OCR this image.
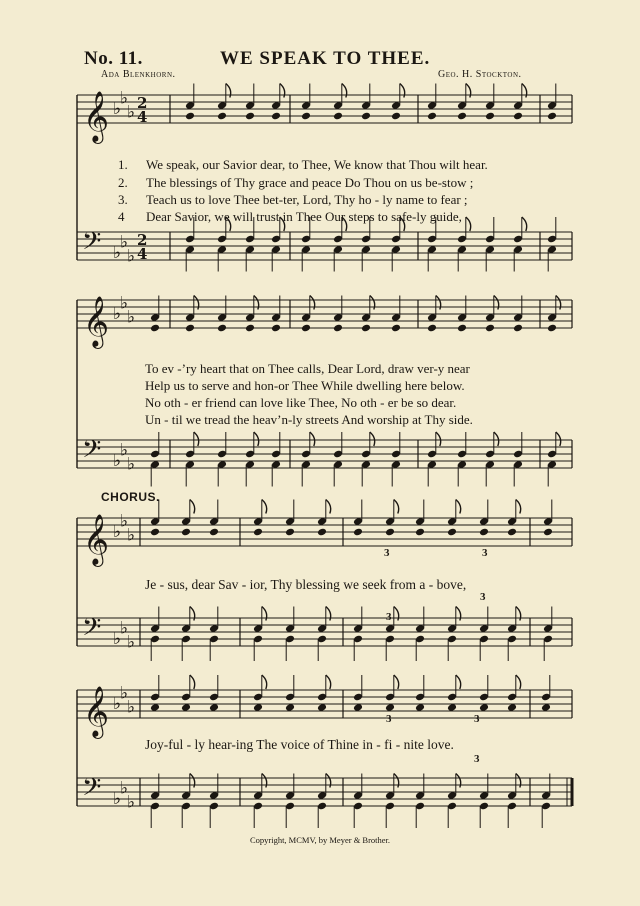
𝄞 ♭
♭
♭ 2
4
𝄢 ♭
♭
♭
2
4
𝄞 ♭
♭
♭
𝄢 ♭
♭
♭
𝄞 ♭
♭
♭
𝄢 ♭
♭
♭
𝄞 ♭
♭
♭
𝄢 ♭
♭
♭
3	3
3
3
3	3
3
No. 11.	WE SPEAK TO THEE.
Ada Blenkhorn.	Geo. H. Stockton.
1. We speak, our Savior dear, to Thee, We know that Thou wilt hear.
2. The blessings of Thy grace and peace Do Thou on us be-stow ;
3. Teach us to love Thee bet-ter, Lord, Thy ho - ly name to fear ;
4 Dear Savior, we will trust in Thee Our steps to safe-ly guide,
To ev -’ry heart that on Thee calls, Dear Lord, draw ver-y near
Help us to serve and hon-or Thee While dwelling here below.
No oth - er friend can love like Thee, No oth - er be so dear.
Un - til we tread the heav’n-ly streets And worship at Thy side.
CHORUS.
Je - sus, dear Sav - ior, Thy blessing we seek from a - bove,
Joy-ful - ly hear-ing The voice of Thine in - fi - nite love.
Copyright, MCMV, by Meyer & Brother.
